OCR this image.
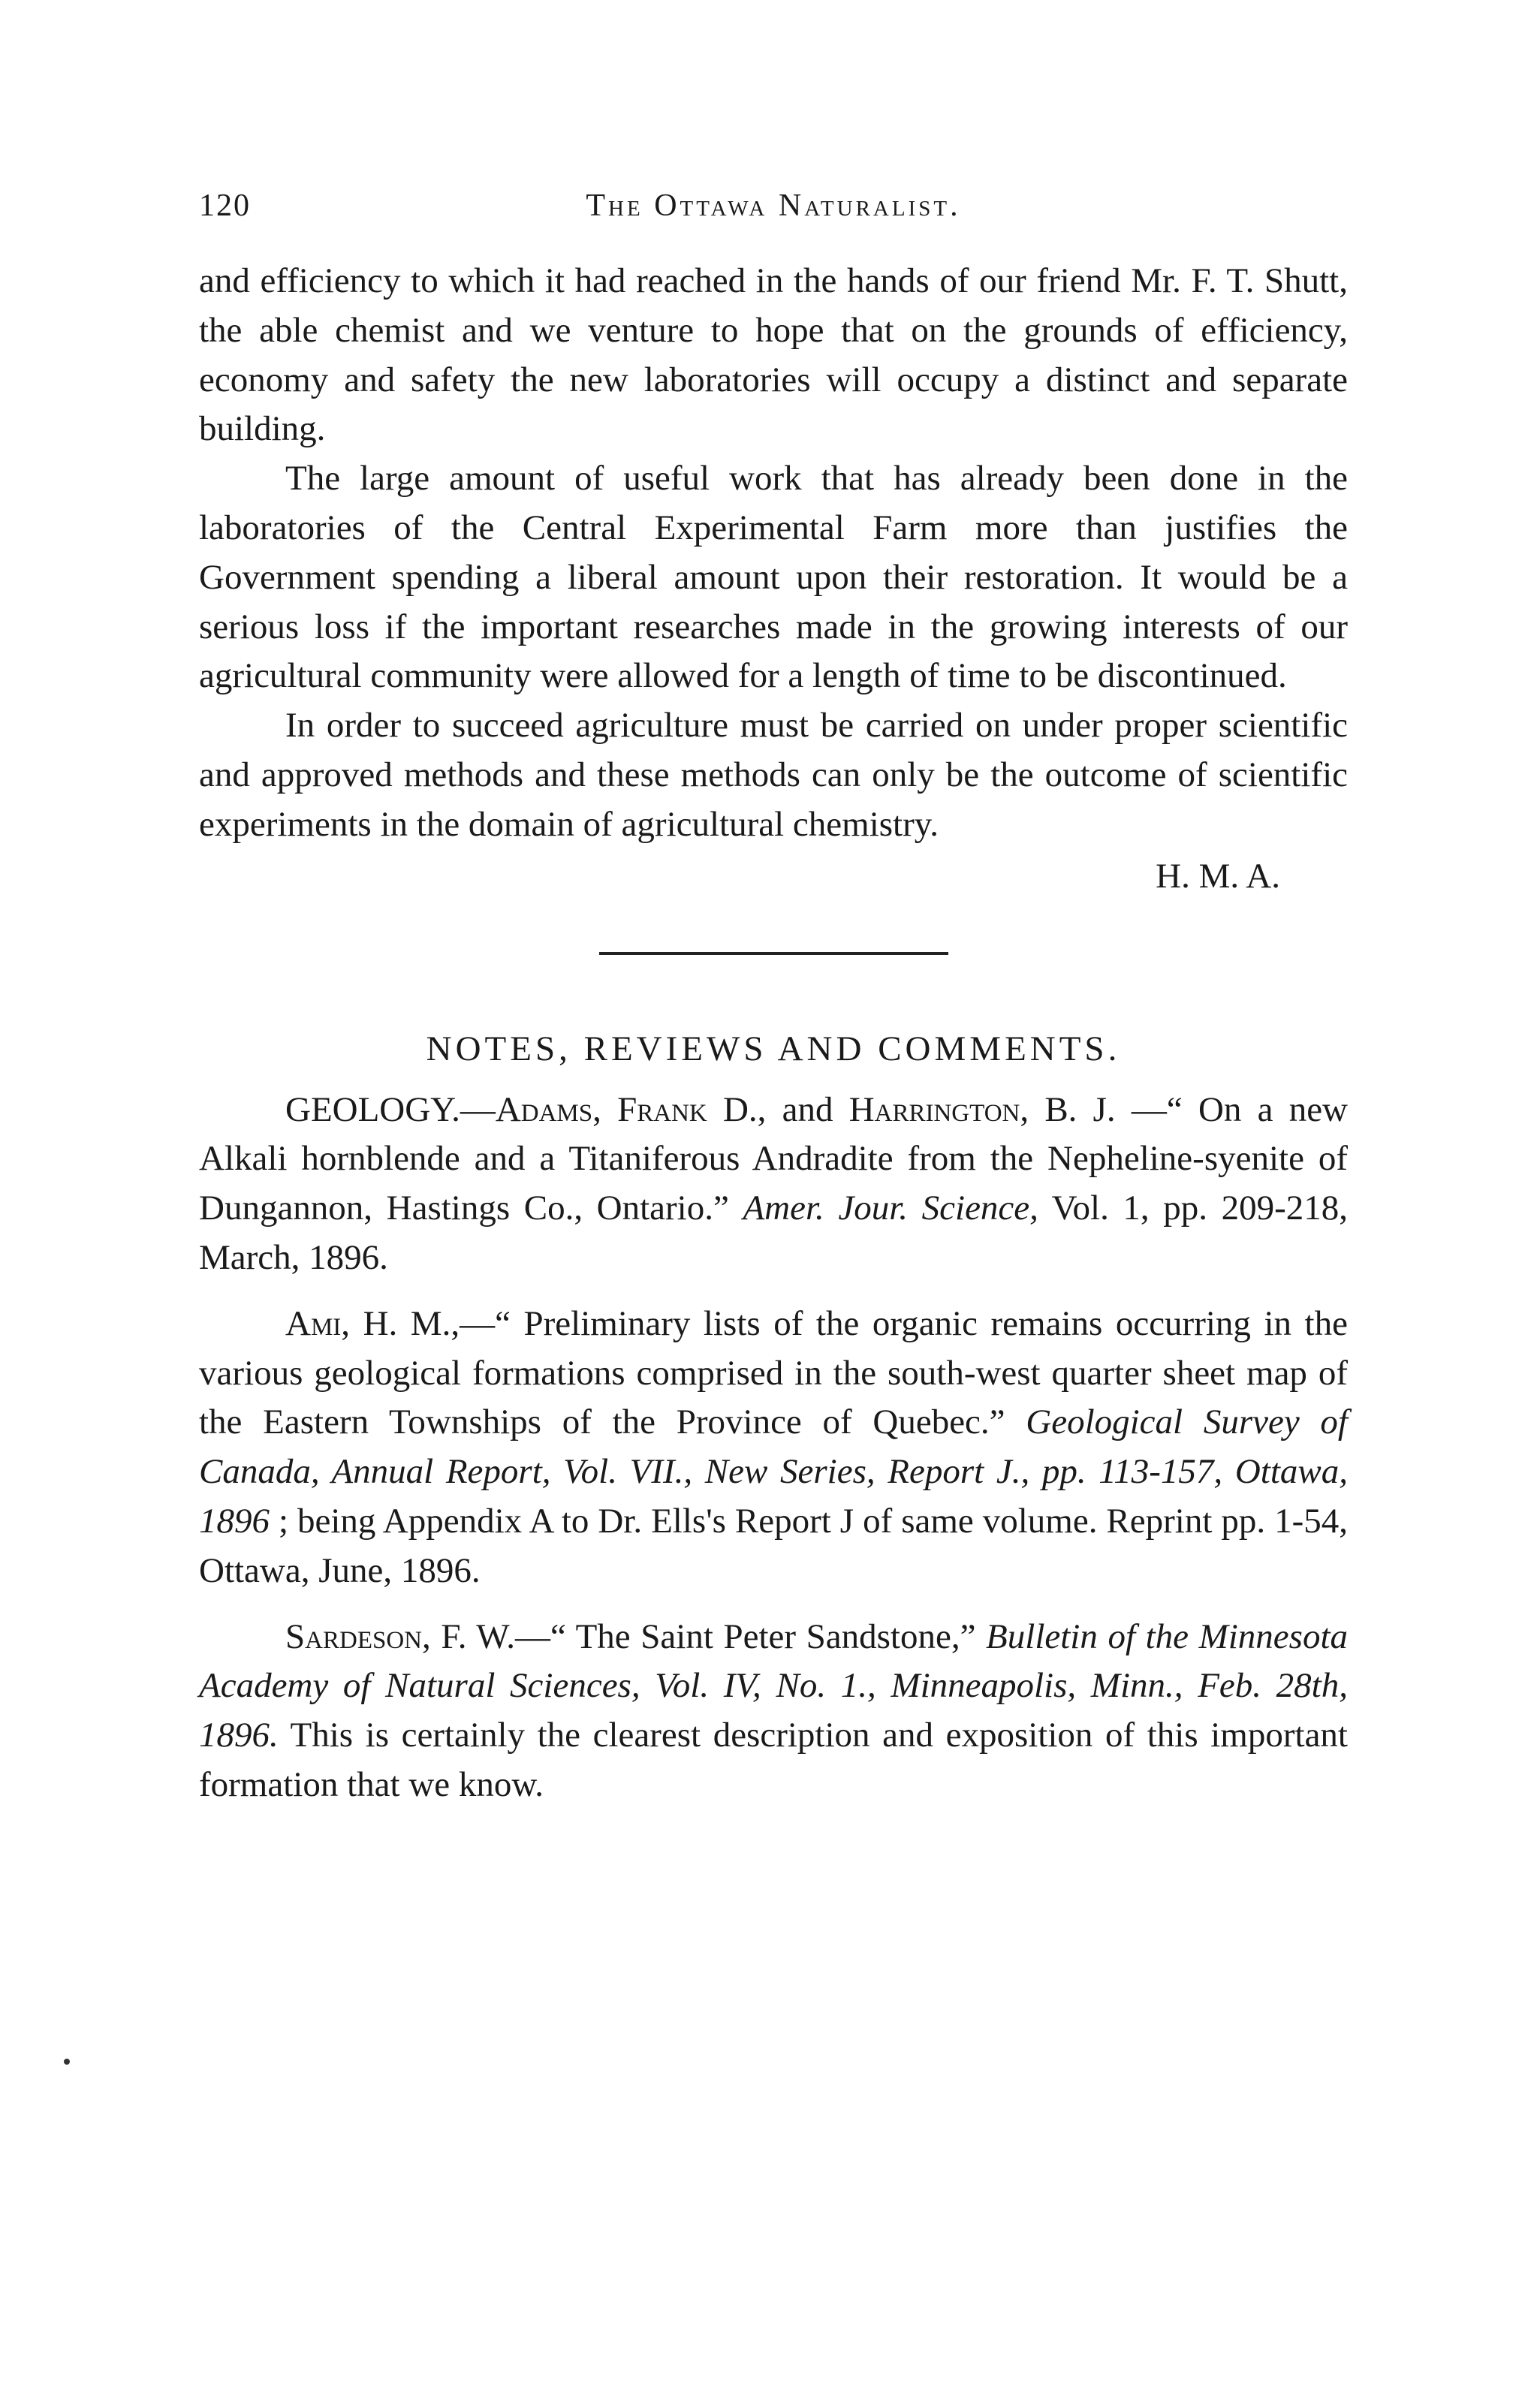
120	The Ottawa Naturalist.

and efficiency to which it had reached in the hands of our friend Mr. F. T. Shutt, the able chemist and we venture to hope that on the grounds of efficiency, economy and safety the new laboratories will occupy a distinct and separate building.

The large amount of useful work that has already been done in the laboratories of the Central Experimental Farm more than justifies the Government spending a liberal amount upon their restoration. It would be a serious loss if the important researches made in the growing interests of our agricultural community were allowed for a length of time to be discontinued.

In order to succeed agriculture must be carried on under proper scientific and approved methods and these methods can only be the outcome of scientific experiments in the domain of agricultural chemistry.

H. M. A.

NOTES, REVIEWS AND COMMENTS.

GEOLOGY.—Adams, Frank D., and Harrington, B. J. —“ On a new Alkali hornblende and a Titaniferous Andradite from the Nepheline-syenite of Dungannon, Hastings Co., Ontario.” Amer. Jour. Science, Vol. 1, pp. 209-218, March, 1896.

Ami, H. M.,—“ Preliminary lists of the organic remains occurring in the various geological formations comprised in the south-west quarter sheet map of the Eastern Townships of the Province of Quebec.” Geological Survey of Canada, Annual Report, Vol. VII., New Series, Report J., pp. 113-157, Ottawa, 1896 ; being Appendix A to Dr. Ells's Report J of same volume. Reprint pp. 1-54, Ottawa, June, 1896.

Sardeson, F. W.—“ The Saint Peter Sandstone,” Bulletin of the Minnesota Academy of Natural Sciences, Vol. IV, No. 1., Minneapolis, Minn., Feb. 28th, 1896. This is certainly the clearest description and exposition of this important formation that we know.
